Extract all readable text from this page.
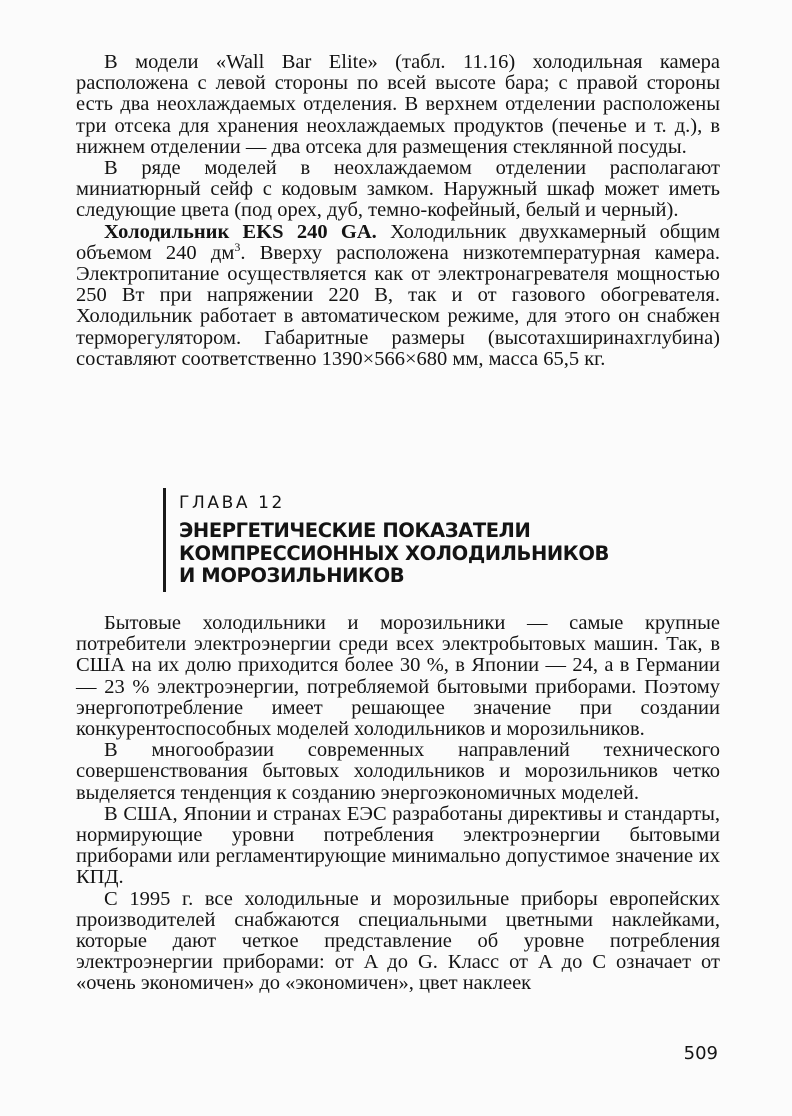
В модели «Wall Bar Elite» (табл. 11.16) холодильная камера расположена с левой стороны по всей высоте бара; с правой стороны есть два неохлаждаемых отделения. В верхнем отделении расположены три отсека для хранения неохлаждаемых продуктов (печенье и т. д.), в нижнем отделении — два отсека для размещения стеклянной посуды.

В ряде моделей в неохлаждаемом отделении располагают миниатюрный сейф с кодовым замком. Наружный шкаф может иметь следующие цвета (под орех, дуб, темно-кофейный, белый и черный).

Холодильник EKS 240 GA. Холодильник двухкамерный общим объемом 240 $дм^3$. Вверху расположена низкотемпературная камера. Электропитание осуществляется как от электронагревателя мощностью 250 Вт при напряжении 220 В, так и от газового обогревателя. Холодильник работает в автоматическом режиме, для этого он снабжен терморегулятором. Габаритные размеры (высотахширинахглубина) составляют соответственно 1390×566×680 мм, масса 65,5 кг.

ГЛАВА 12
ЭНЕРГЕТИЧЕСКИЕ ПОКАЗАТЕЛИ
КОМПРЕССИОННЫХ ХОЛОДИЛЬНИКОВ
И МОРОЗИЛЬНИКОВ

Бытовые холодильники и морозильники — самые крупные потребители электроэнергии среди всех электробытовых машин. Так, в США на их долю приходится более 30 %, в Японии — 24, а в Германии — 23 % электроэнергии, потребляемой бытовыми приборами. Поэтому энергопотребление имеет решающее значение при создании конкурентоспособных моделей холодильников и морозильников.

В многообразии современных направлений технического совершенствования бытовых холодильников и морозильников четко выделяется тенденция к созданию энергоэкономичных моделей.

В США, Японии и странах ЕЭС разработаны директивы и стандарты, нормирующие уровни потребления электроэнергии бытовыми приборами или регламентирующие минимально допустимое значение их КПД.

С 1995 г. все холодильные и морозильные приборы европейских производителей снабжаются специальными цветными наклейками, которые дают четкое представление об уровне потребления электроэнергии приборами: от A до G. Класс от A до C означает от «очень экономичен» до «экономичен», цвет наклеек

509
